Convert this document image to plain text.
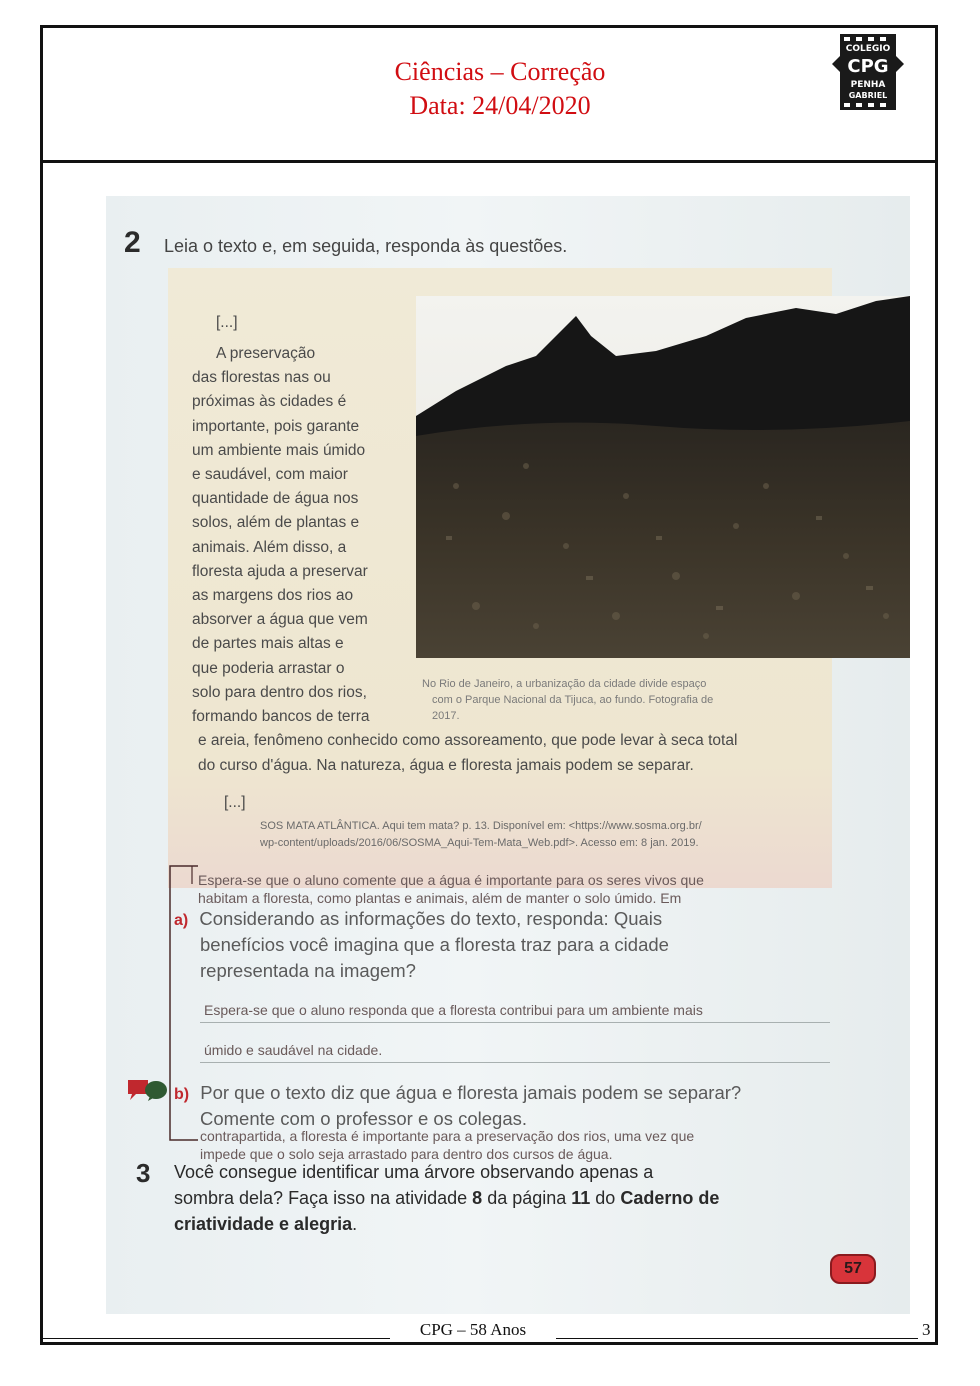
Ciências – Correção
Data: 24/04/2020
COLEGIO
CPG
PENHA
GABRIEL
2 Leia o texto e, em seguida, responda às questões.
[...]
A preservação
das florestas nas ou
próximas às cidades é
importante, pois garante
um ambiente mais úmido
e saudável, com maior
quantidade de água nos
solos, além de plantas e
animais. Além disso, a
floresta ajuda a preservar
as margens dos rios ao
absorver a água que vem
de partes mais altas e
que poderia arrastar o
solo para dentro dos rios,
formando bancos de terra
No Rio de Janeiro, a urbanização da cidade divide espaço
com o Parque Nacional da Tijuca, ao fundo. Fotografia de
2017.
e areia, fenômeno conhecido como assoreamento, que pode levar à seca total
do curso d'água. Na natureza, água e floresta jamais podem se separar.
[...]
SOS MATA ATLÂNTICA. Aqui tem mata? p. 13. Disponível em: <https://www.sosma.org.br/
wp-content/uploads/2016/06/SOSMA_Aqui-Tem-Mata_Web.pdf>. Acesso em: 8 jan. 2019.
Espera-se que o aluno comente que a água é importante para os seres vivos que
habitam a floresta, como plantas e animais, além de manter o solo úmido. Em
a) Considerando as informações do texto, responda: Quais
benefícios você imagina que a floresta traz para a cidade
representada na imagem?
Espera-se que o aluno responda que a floresta contribui para um ambiente mais
úmido e saudável na cidade.
b) Por que o texto diz que água e floresta jamais podem se separar?
Comente com o professor e os colegas.
contrapartida, a floresta é importante para a preservação dos rios, uma vez que
impede que o solo seja arrastado para dentro dos cursos de água.
3 Você consegue identificar uma árvore observando apenas a
sombra dela? Faça isso na atividade 8 da página 11 do Caderno de
criatividade e alegria.
57
CPG – 58 Anos	3
